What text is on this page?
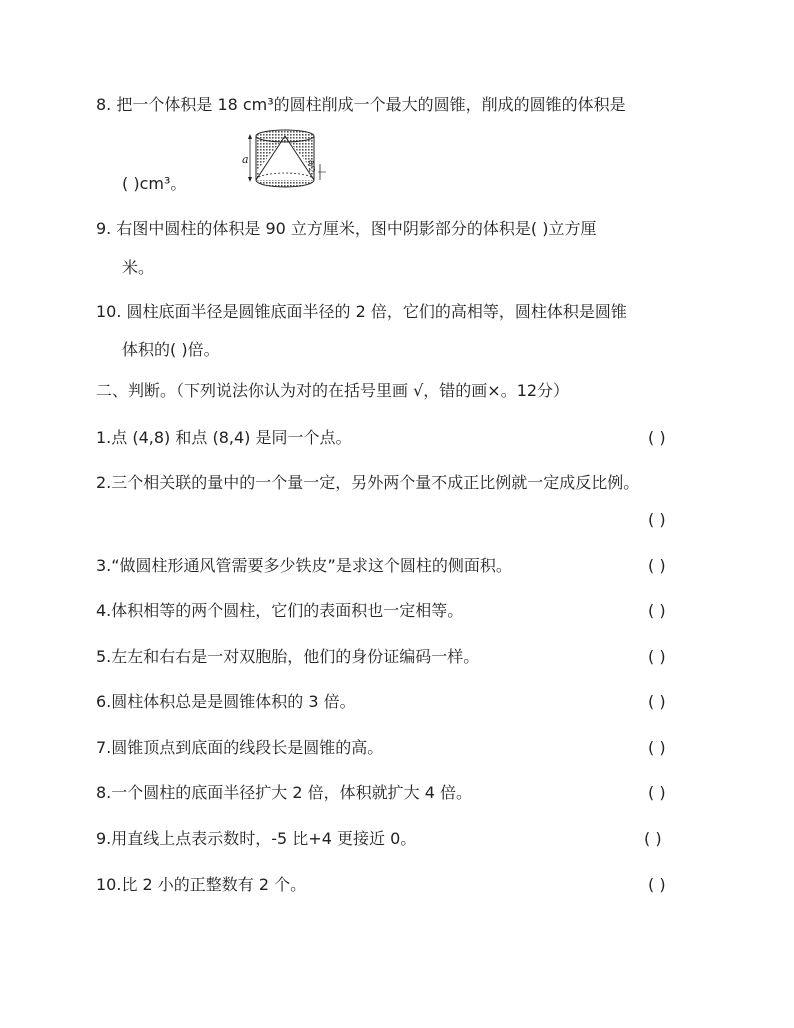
8. 把一个体积是 18 cm³的圆柱削成一个最大的圆锥，削成的圆锥的体积是
( )cm³。
a
a/2
9. 右图中圆柱的体积是 90 立方厘米，图中阴影部分的体积是( )立方厘
米。
10. 圆柱底面半径是圆锥底面半径的 2 倍，它们的高相等，圆柱体积是圆锥
体积的( )倍。
二、判断。（下列说法你认为对的在括号里画 √，错的画×。12分）
1.点 (4,8) 和点 (8,4) 是同一个点。	( )
2.三个相关联的量中的一个量一定，另外两个量不成正比例就一定成反比例。
( )
3.“做圆柱形通风管需要多少铁皮”是求这个圆柱的侧面积。	( )
4.体积相等的两个圆柱，它们的表面积也一定相等。	( )
5.左左和右右是一对双胞胎，他们的身份证编码一样。	( )
6.圆柱体积总是是圆锥体积的 3 倍。	( )
7.圆锥顶点到底面的线段长是圆锥的高。	( )
8.一个圆柱的底面半径扩大 2 倍，体积就扩大 4 倍。	( )
9.用直线上点表示数时，-5 比+4 更接近 0。	( )
10.比 2 小的正整数有 2 个。	( )
